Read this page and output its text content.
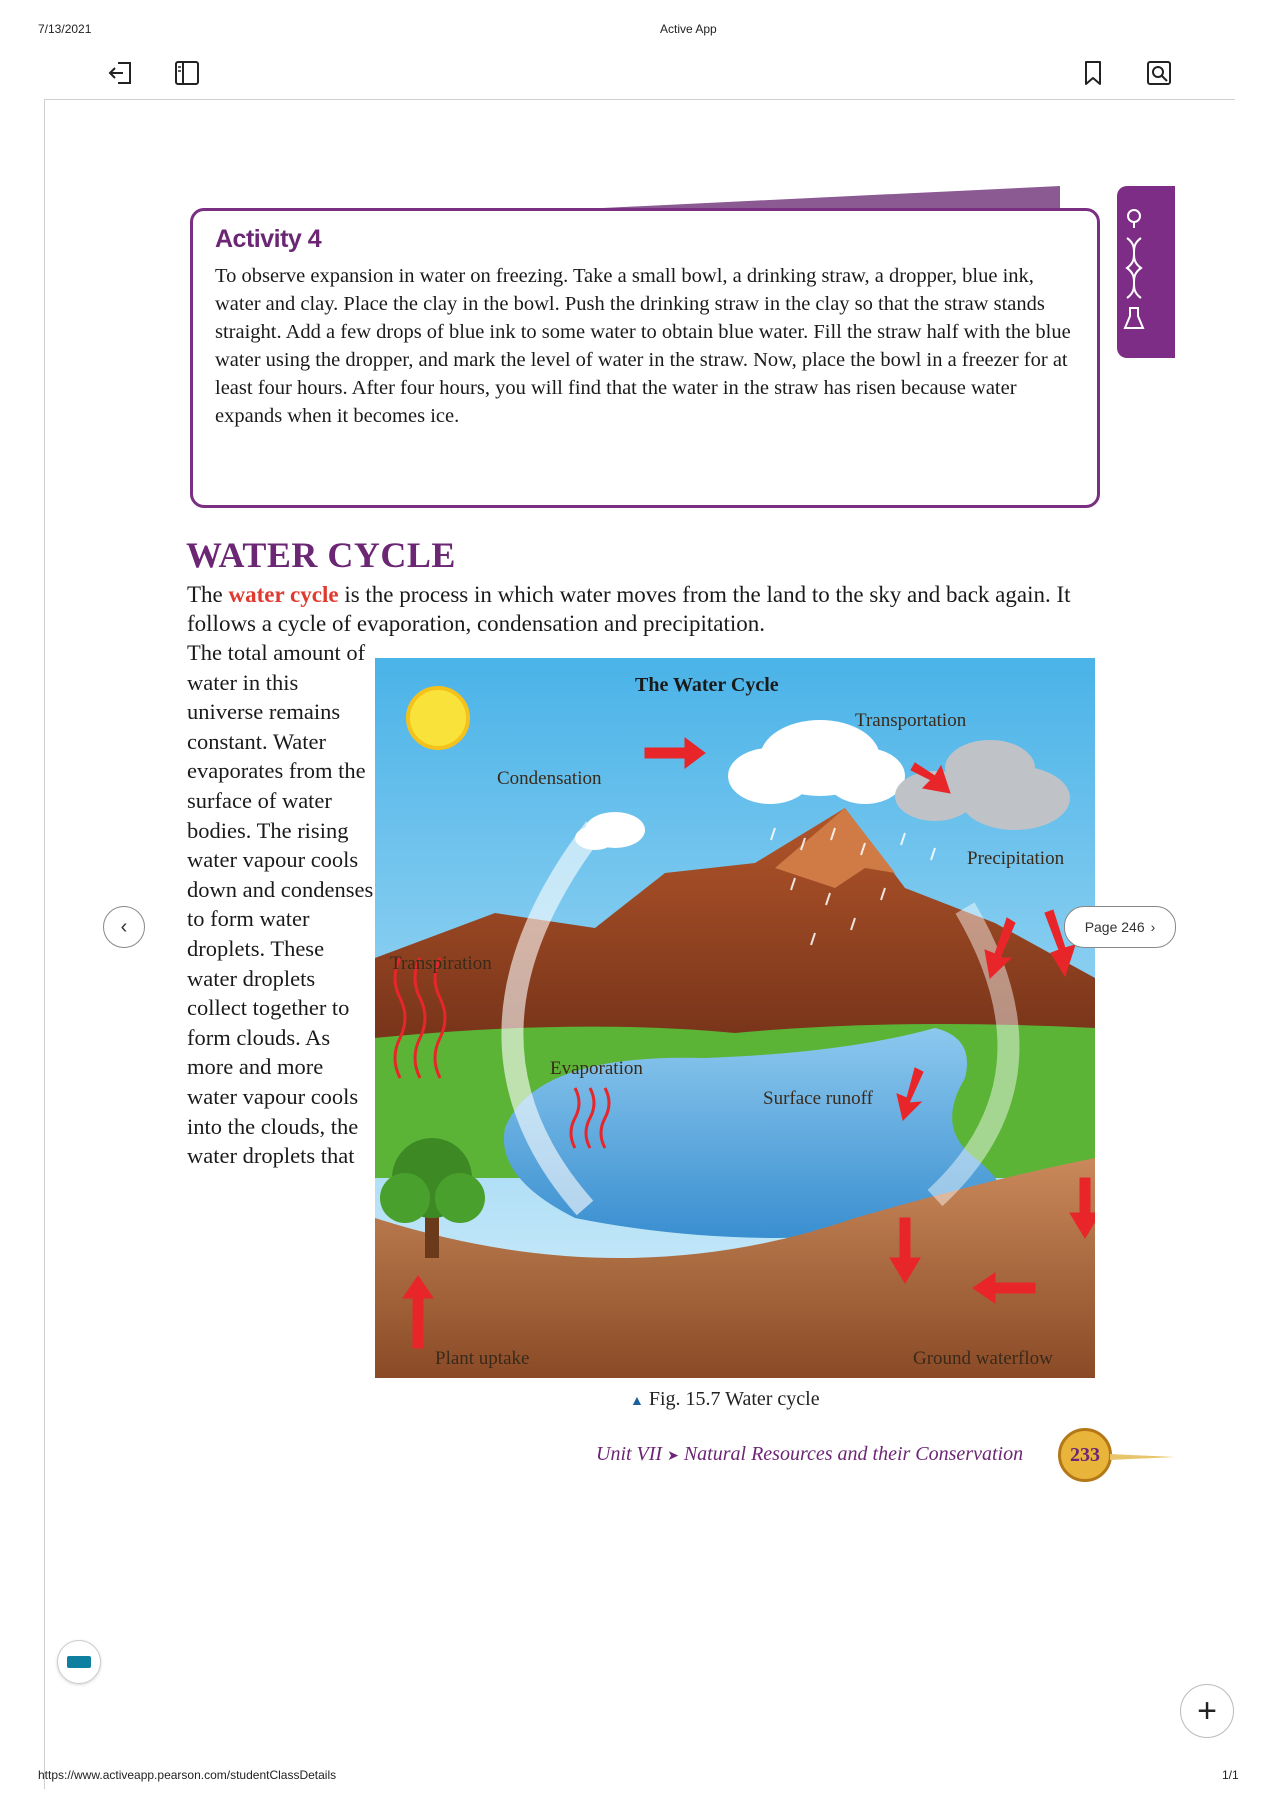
7/13/2021	Active App
Activity 4
To observe expansion in water on freezing. Take a small bowl, a drinking straw, a dropper, blue ink, water and clay. Place the clay in the bowl. Push the drinking straw in the clay so that the straw stands straight. Add a few drops of blue ink to some water to obtain blue water. Fill the straw half with the blue water using the dropper, and mark the level of water in the straw. Now, place the bowl in a freezer for at least four hours. After four hours, you will find that the water in the straw has risen because water expands when it becomes ice.
WATER CYCLE
The water cycle is the process in which water moves from the land to the sky and back again. It follows a cycle of evaporation, condensation and precipitation.
The total amount of water in this universe remains constant. Water evaporates from the surface of water bodies. The rising water vapour cools down and condenses to form water droplets. These water droplets collect together to form clouds. As more and more water vapour cools into the clouds, the water droplets that
The Water Cycle
Condensation
Transportation
Precipitation
Transpiration
Evaporation
Surface runoff
Plant uptake	Ground waterflow
▲ Fig. 15.7 Water cycle
Unit VII ➤ Natural Resources and their Conservation	233
‹	Page 246 ›
+
https://www.activeapp.pearson.com/studentClassDetails	1/1
